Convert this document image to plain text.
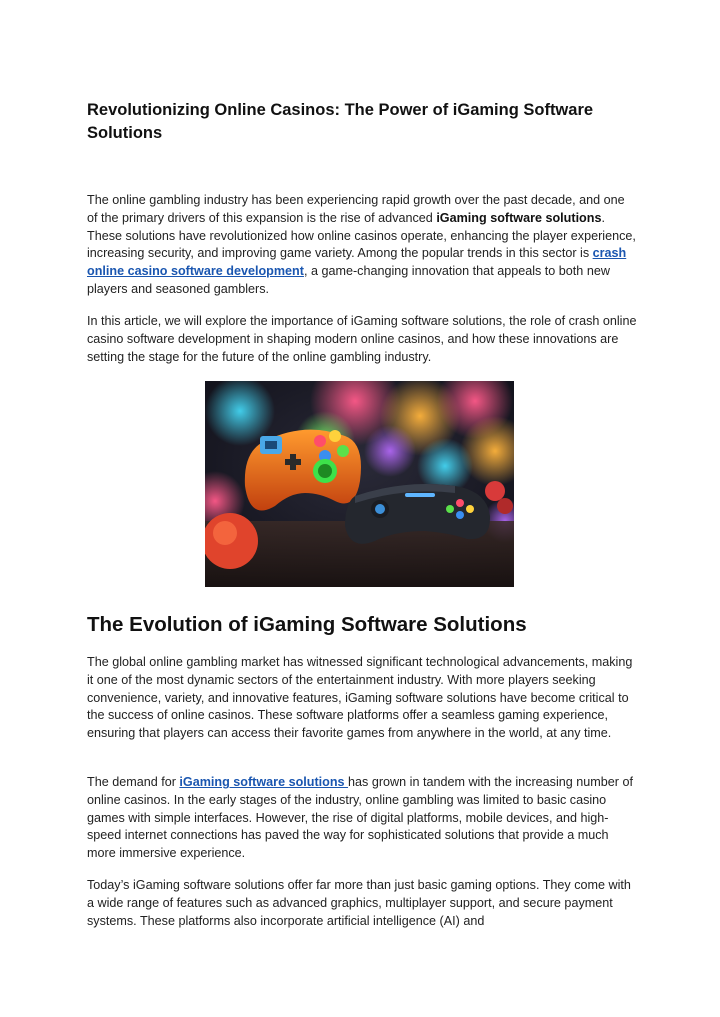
Revolutionizing Online Casinos: The Power of iGaming Software Solutions

The online gambling industry has been experiencing rapid growth over the past decade, and one of the primary drivers of this expansion is the rise of advanced iGaming software solutions. These solutions have revolutionized how online casinos operate, enhancing the player experience, increasing security, and improving game variety. Among the popular trends in this sector is crash online casino software development, a game-changing innovation that appeals to both new players and seasoned gamblers.

In this article, we will explore the importance of iGaming software solutions, the role of crash online casino software development in shaping modern online casinos, and how these innovations are setting the stage for the future of the online gambling industry.

The Evolution of iGaming Software Solutions

The global online gambling market has witnessed significant technological advancements, making it one of the most dynamic sectors of the entertainment industry. With more players seeking convenience, variety, and innovative features, iGaming software solutions have become critical to the success of online casinos. These software platforms offer a seamless gaming experience, ensuring that players can access their favorite games from anywhere in the world, at any time.

The demand for iGaming software solutions has grown in tandem with the increasing number of online casinos. In the early stages of the industry, online gambling was limited to basic casino games with simple interfaces. However, the rise of digital platforms, mobile devices, and high-speed internet connections has paved the way for sophisticated solutions that provide a much more immersive experience.

Today’s iGaming software solutions offer far more than just basic gaming options. They come with a wide range of features such as advanced graphics, multiplayer support, and secure payment systems. These platforms also incorporate artificial intelligence (AI) and
